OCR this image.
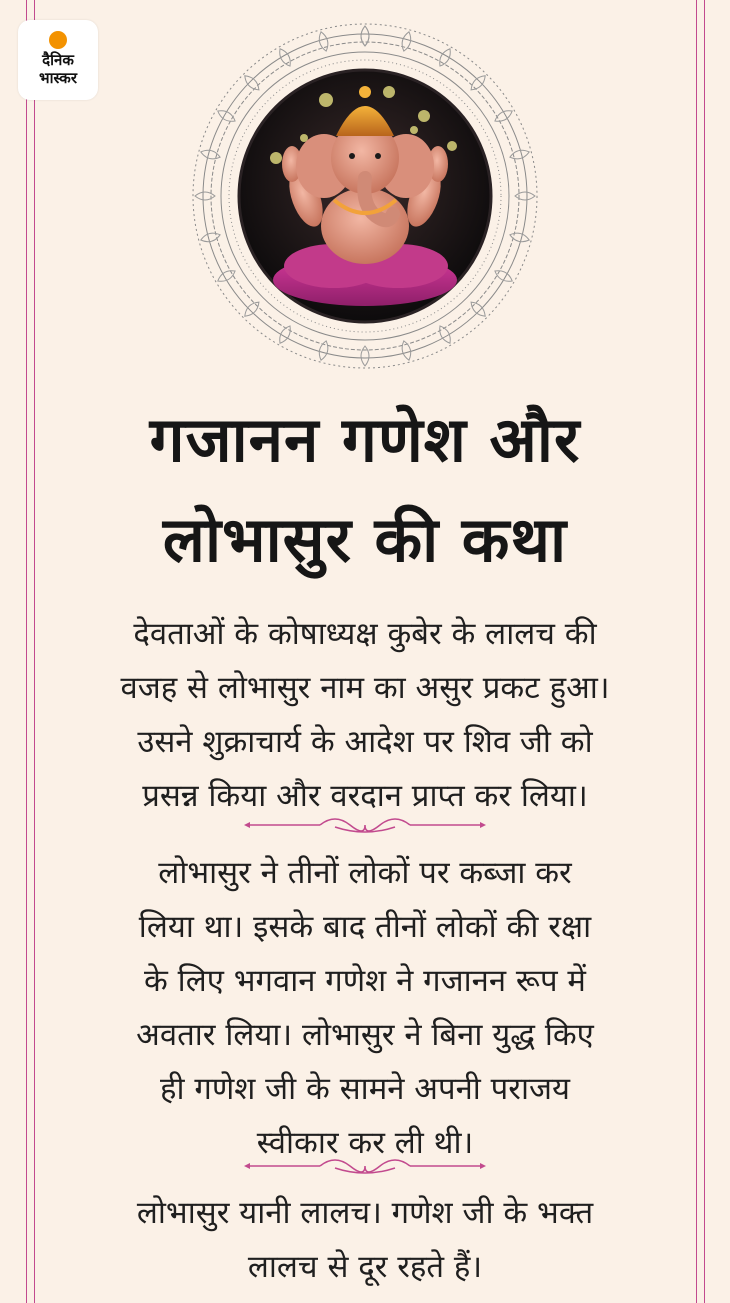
दैनिक
भास्कर
गजानन गणेश और
लोभासुर की कथा
देवताओं के कोषाध्यक्ष कुबेर के लालच की
वजह से लोभासुर नाम का असुर प्रकट हुआ।
उसने शुक्राचार्य के आदेश पर शिव जी को
प्रसन्न किया और वरदान प्राप्त कर लिया।
लोभासुर ने तीनों लोकों पर कब्जा कर
लिया था। इसके बाद तीनों लोकों की रक्षा
के लिए भगवान गणेश ने गजानन रूप में
अवतार लिया। लोभासुर ने बिना युद्ध किए
ही गणेश जी के सामने अपनी पराजय
स्वीकार कर ली थी।
लोभासुर यानी लालच। गणेश जी के भक्त
लालच से दूर रहते हैं।
